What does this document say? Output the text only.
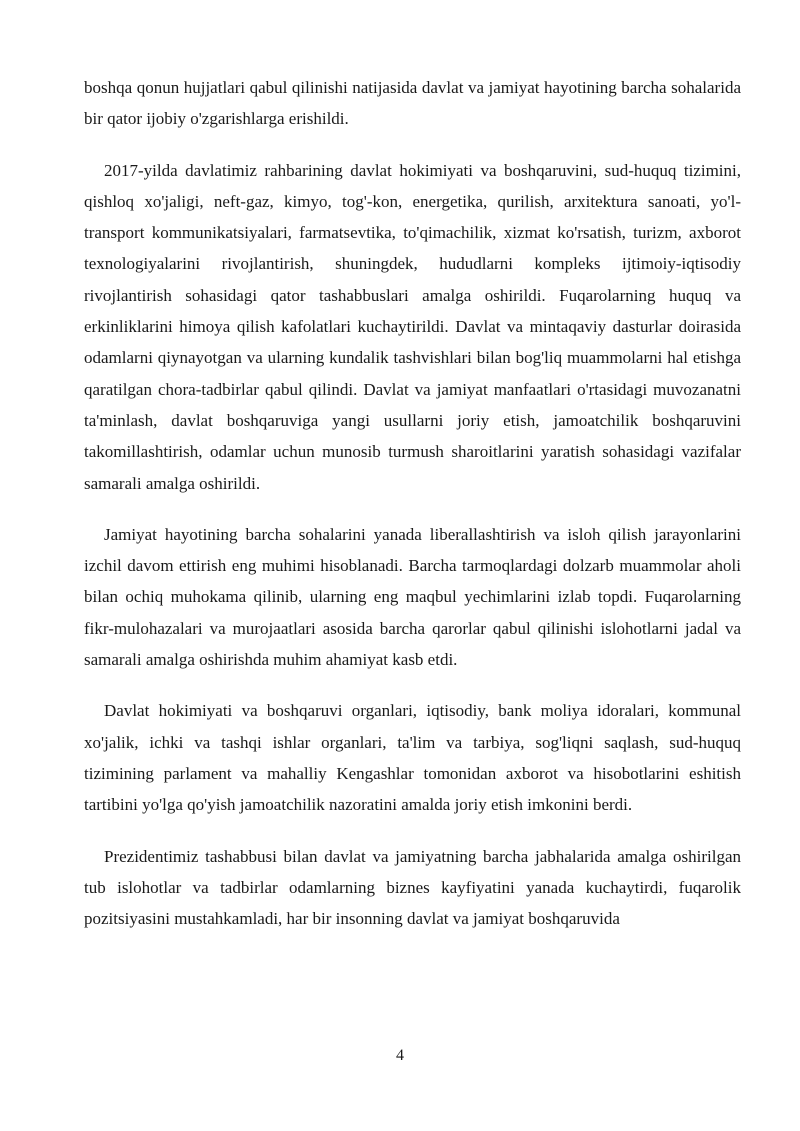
boshqa qonun hujjatlari qabul qilinishi natijasida davlat va jamiyat hayotining barcha sohalarida bir qator ijobiy o'zgarishlarga erishildi.

2017-yilda davlatimiz rahbarining davlat hokimiyati va boshqaruvini, sud-huquq tizimini, qishloq xo'jaligi, neft-gaz, kimyo, tog'-kon, energetika, qurilish, arxitektura sanoati, yo'l-transport kommunikatsiyalari, farmatsevtika, to'qimachilik, xizmat ko'rsatish, turizm, axborot texnologiyalarini rivojlantirish, shuningdek, hududlarni kompleks ijtimoiy-iqtisodiy rivojlantirish sohasidagi qator tashabbuslari amalga oshirildi. Fuqarolarning huquq va erkinliklarini himoya qilish kafolatlari kuchaytirildi. Davlat va mintaqaviy dasturlar doirasida odamlarni qiynayotgan va ularning kundalik tashvishlari bilan bog'liq muammolarni hal etishga qaratilgan chora-tadbirlar qabul qilindi. Davlat va jamiyat manfaatlari o'rtasidagi muvozanatni ta'minlash, davlat boshqaruviga yangi usullarni joriy etish, jamoatchilik boshqaruvini takomillashtirish, odamlar uchun munosib turmush sharoitlarini yaratish sohasidagi vazifalar samarali amalga oshirildi.

Jamiyat hayotining barcha sohalarini yanada liberallashtirish va isloh qilish jarayonlarini izchil davom ettirish eng muhimi hisoblanadi. Barcha tarmoqlardagi dolzarb muammolar aholi bilan ochiq muhokama qilinib, ularning eng maqbul yechimlarini izlab topdi. Fuqarolarning fikr-mulohazalari va murojaatlari asosida barcha qarorlar qabul qilinishi islohotlarni jadal va samarali amalga oshirishda muhim ahamiyat kasb etdi.

Davlat hokimiyati va boshqaruvi organlari, iqtisodiy, bank moliya idoralari, kommunal xo'jalik, ichki va tashqi ishlar organlari, ta'lim va tarbiya, sog'liqni saqlash, sud-huquq tizimining parlament va mahalliy Kengashlar tomonidan axborot va hisobotlarini eshitish tartibini yo'lga qo'yish jamoatchilik nazoratini amalda joriy etish imkonini berdi.

Prezidentimiz tashabbusi bilan davlat va jamiyatning barcha jabhalarida amalga oshirilgan tub islohotlar va tadbirlar odamlarning biznes kayfiyatini yanada kuchaytirdi, fuqarolik pozitsiyasini mustahkamladi, har bir insonning davlat va jamiyat boshqaruvida

4
